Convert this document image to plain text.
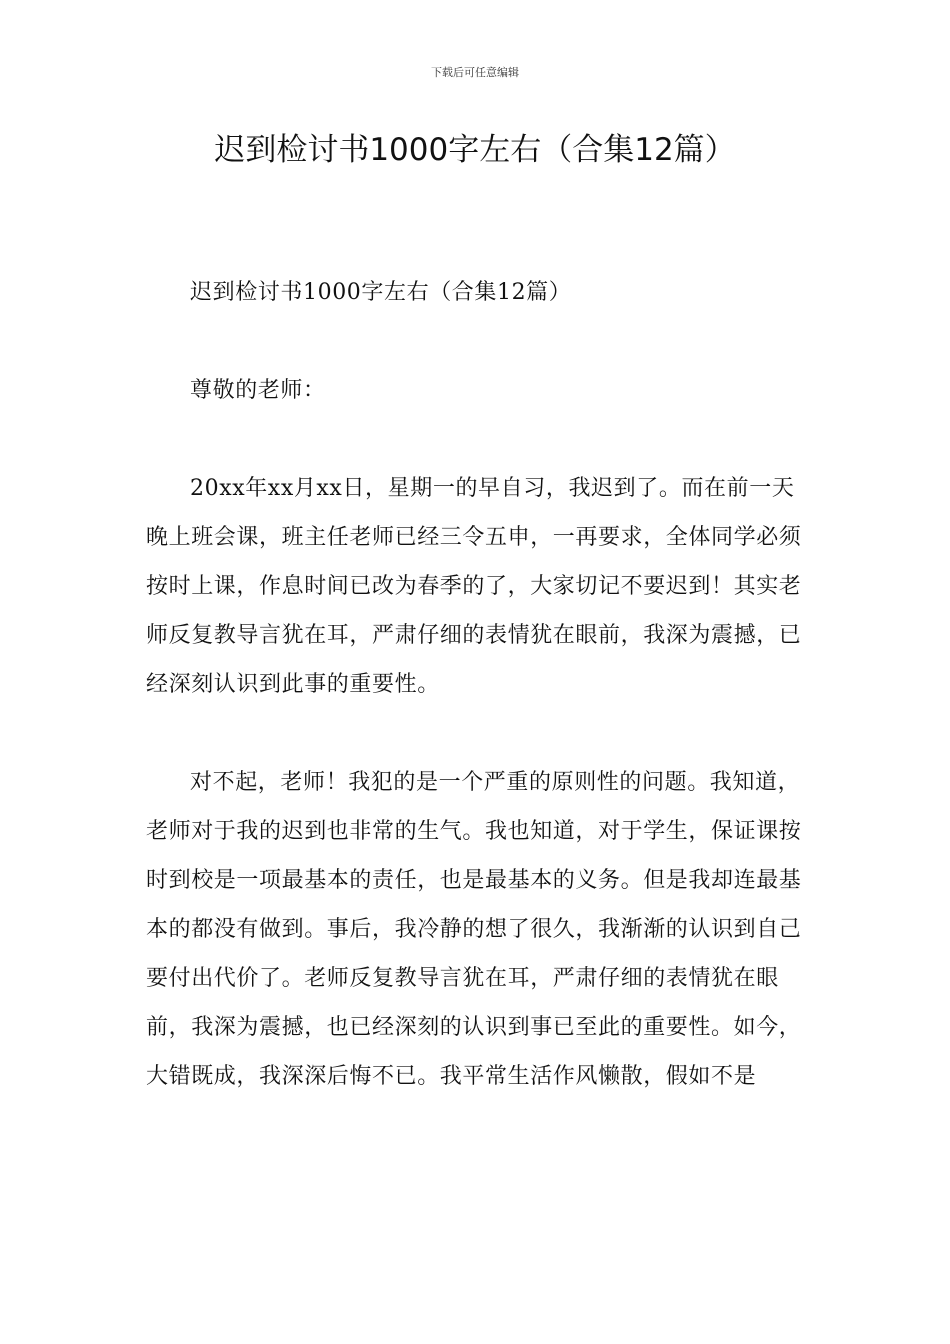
下载后可任意编辑
迟到检讨书1000字左右（合集12篇）

迟到检讨书1000字左右（合集12篇）

尊敬的老师：

20xx年xx月xx日，星期一的早自习，我迟到了。而在前一天晚上班会课，班主任老师已经三令五申，一再要求，全体同学必须按时上课，作息时间已改为春季的了，大家切记不要迟到！其实老师反复教导言犹在耳，严肃仔细的表情犹在眼前，我深为震撼，已经深刻认识到此事的重要性。

对不起，老师！我犯的是一个严重的原则性的问题。我知道，老师对于我的迟到也非常的生气。我也知道，对于学生，保证课按时到校是一项最基本的责任，也是最基本的义务。但是我却连最基本的都没有做到。事后，我冷静的想了很久，我渐渐的认识到自己要付出代价了。老师反复教导言犹在耳，严肃仔细的表情犹在眼前，我深为震撼，也已经深刻的认识到事已至此的重要性。如今，大错既成，我深深后悔不已。我平常生活作风懒散，假如不是
